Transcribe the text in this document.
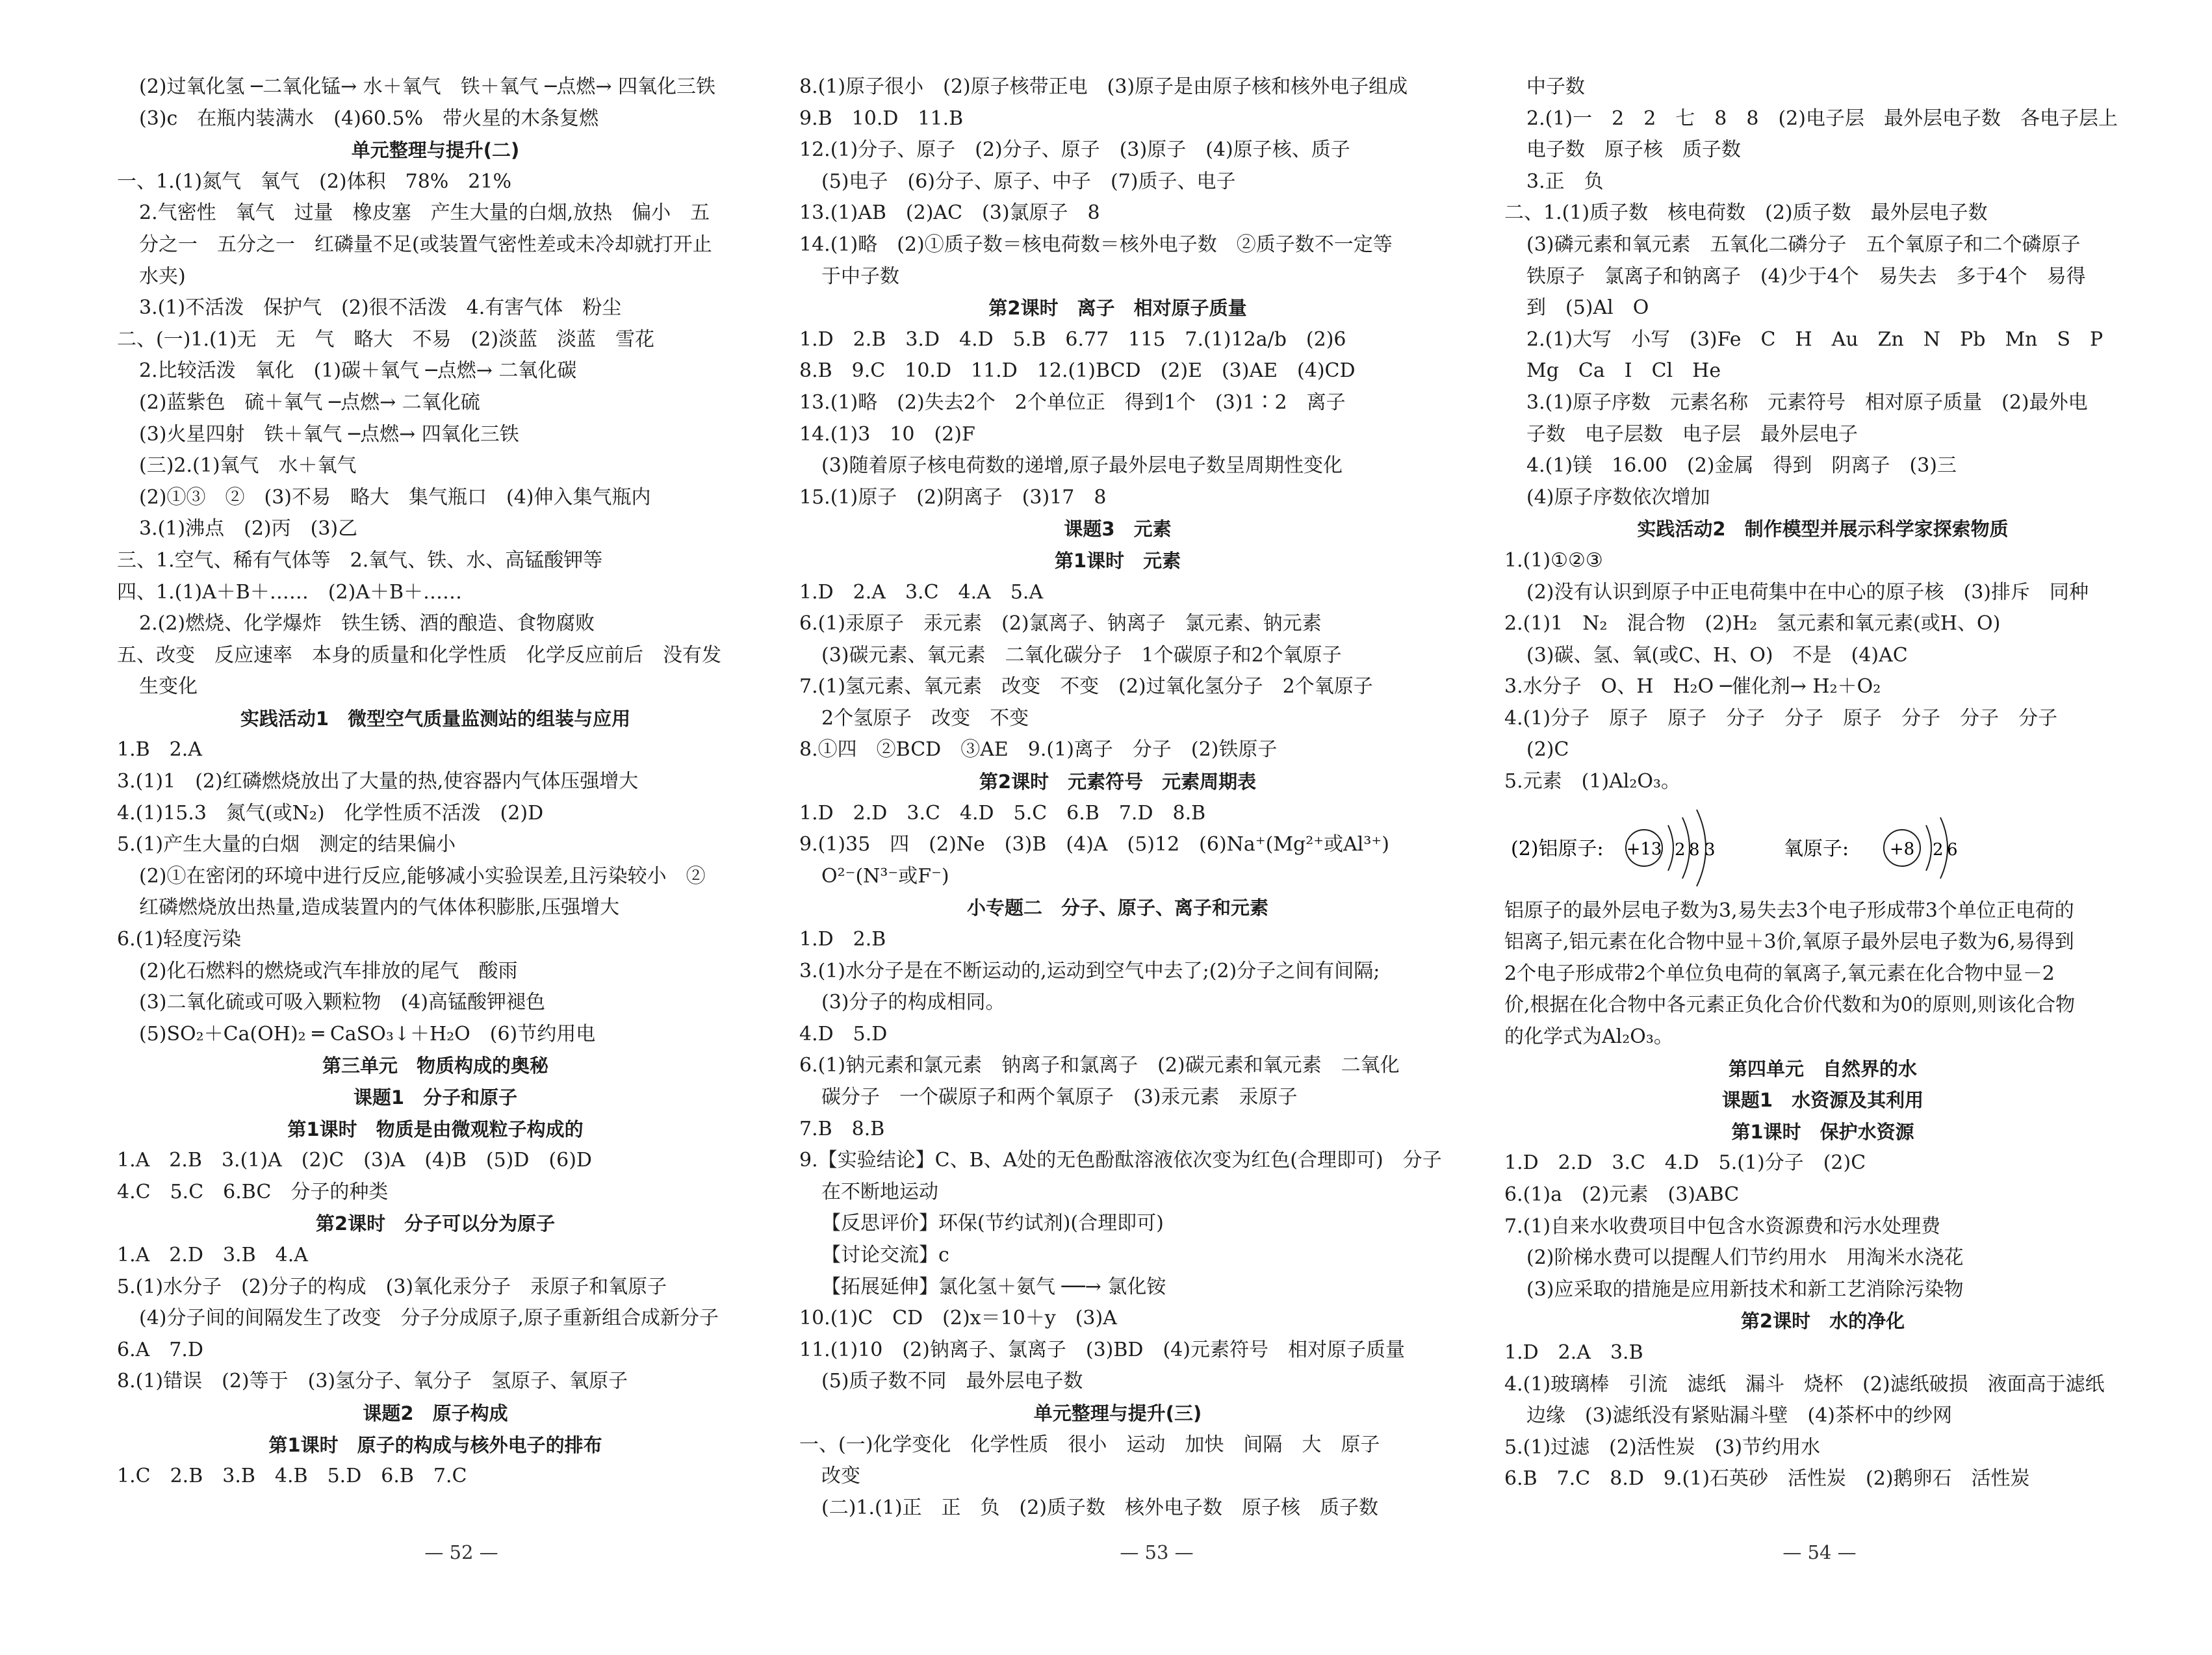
(2)过氧化氢 ─二氧化锰→ 水＋氧气　铁＋氧气 ─点燃→ 四氧化三铁
(3)c　在瓶内装满水　(4)60.5%　带火星的木条复燃
单元整理与提升(二)
一、1.(1)氮气　氧气　(2)体积　78%　21%
2.气密性　氧气　过量　橡皮塞　产生大量的白烟,放热　偏小　五
分之一　五分之一　红磷量不足(或装置气密性差或未冷却就打开止
水夹)
3.(1)不活泼　保护气　(2)很不活泼　4.有害气体　粉尘
二、(一)1.(1)无　无　气　略大　不易　(2)淡蓝　淡蓝　雪花
2.比较活泼　氧化　(1)碳＋氧气 ─点燃→ 二氧化碳
(2)蓝紫色　硫＋氧气 ─点燃→ 二氧化硫
(3)火星四射　铁＋氧气 ─点燃→ 四氧化三铁
(三)2.(1)氧气　水＋氧气
(2)①③　②　(3)不易　略大　集气瓶口　(4)伸入集气瓶内
3.(1)沸点　(2)丙　(3)乙
三、1.空气、稀有气体等　2.氧气、铁、水、高锰酸钾等
四、1.(1)A＋B＋……　(2)A＋B＋……
2.(2)燃烧、化学爆炸　铁生锈、酒的酿造、食物腐败
五、改变　反应速率　本身的质量和化学性质　化学反应前后　没有发
生变化
实践活动1　微型空气质量监测站的组装与应用
1.B　2.A
3.(1)1　(2)红磷燃烧放出了大量的热,使容器内气体压强增大
4.(1)15.3　氮气(或N₂)　化学性质不活泼　(2)D
5.(1)产生大量的白烟　测定的结果偏小
(2)①在密闭的环境中进行反应,能够减小实验误差,且污染较小　②
红磷燃烧放出热量,造成装置内的气体体积膨胀,压强增大
6.(1)轻度污染
(2)化石燃料的燃烧或汽车排放的尾气　酸雨
(3)二氧化硫或可吸入颗粒物　(4)高锰酸钾褪色
(5)SO₂＋Ca(OH)₂ ═ CaSO₃↓＋H₂O　(6)节约用电
第三单元　物质构成的奥秘
课题1　分子和原子
第1课时　物质是由微观粒子构成的
1.A　2.B　3.(1)A　(2)C　(3)A　(4)B　(5)D　(6)D
4.C　5.C　6.BC　分子的种类
第2课时　分子可以分为原子
1.A　2.D　3.B　4.A
5.(1)水分子　(2)分子的构成　(3)氧化汞分子　汞原子和氧原子
(4)分子间的间隔发生了改变　分子分成原子,原子重新组合成新分子
6.A　7.D
8.(1)错误　(2)等于　(3)氢分子、氧分子　氢原子、氧原子
课题2　原子构成
第1课时　原子的构成与核外电子的排布
1.C　2.B　3.B　4.B　5.D　6.B　7.C
8.(1)原子很小　(2)原子核带正电　(3)原子是由原子核和核外电子组成
9.B　10.D　11.B
12.(1)分子、原子　(2)分子、原子　(3)原子　(4)原子核、质子
(5)电子　(6)分子、原子、中子　(7)质子、电子
13.(1)AB　(2)AC　(3)氯原子　8
14.(1)略　(2)①质子数＝核电荷数＝核外电子数　②质子数不一定等
于中子数
第2课时　离子　相对原子质量
1.D　2.B　3.D　4.D　5.B　6.77　115　7.(1)12a/b　(2)6
8.B　9.C　10.D　11.D　12.(1)BCD　(2)E　(3)AE　(4)CD
13.(1)略　(2)失去2个　2个单位正　得到1个　(3)1∶2　离子
14.(1)3　10　(2)F
(3)随着原子核电荷数的递增,原子最外层电子数呈周期性变化
15.(1)原子　(2)阴离子　(3)17　8
课题3　元素
第1课时　元素
1.D　2.A　3.C　4.A　5.A
6.(1)汞原子　汞元素　(2)氯离子、钠离子　氯元素、钠元素
(3)碳元素、氧元素　二氧化碳分子　1个碳原子和2个氧原子
7.(1)氢元素、氧元素　改变　不变　(2)过氧化氢分子　2个氧原子
2个氢原子　改变　不变
8.①四　②BCD　③AE　9.(1)离子　分子　(2)铁原子
第2课时　元素符号　元素周期表
1.D　2.D　3.C　4.D　5.C　6.B　7.D　8.B
9.(1)35　四　(2)Ne　(3)B　(4)A　(5)12　(6)Na⁺(Mg²⁺或Al³⁺)
O²⁻(N³⁻或F⁻)
小专题二　分子、原子、离子和元素
1.D　2.B
3.(1)水分子是在不断运动的,运动到空气中去了;(2)分子之间有间隔;
(3)分子的构成相同。
4.D　5.D
6.(1)钠元素和氯元素　钠离子和氯离子　(2)碳元素和氧元素　二氧化
碳分子　一个碳原子和两个氧原子　(3)汞元素　汞原子
7.B　8.B
9.【实验结论】C、B、A处的无色酚酞溶液依次变为红色(合理即可)　分子
在不断地运动
【反思评价】环保(节约试剂)(合理即可)
【讨论交流】c
【拓展延伸】氯化氢＋氨气 ──→ 氯化铵
10.(1)C　CD　(2)x＝10＋y　(3)A
11.(1)10　(2)钠离子、氯离子　(3)BD　(4)元素符号　相对原子质量
(5)质子数不同　最外层电子数
单元整理与提升(三)
一、(一)化学变化　化学性质　很小　运动　加快　间隔　大　原子
改变
(二)1.(1)正　正　负　(2)质子数　核外电子数　原子核　质子数
中子数
2.(1)一　2　2　七　8　8　(2)电子层　最外层电子数　各电子层上
电子数　原子核　质子数
3.正　负
二、1.(1)质子数　核电荷数　(2)质子数　最外层电子数
(3)磷元素和氧元素　五氧化二磷分子　五个氧原子和二个磷原子
铁原子　氯离子和钠离子　(4)少于4个　易失去　多于4个　易得
到　(5)Al　O
2.(1)大写　小写　(3)Fe　C　H　Au　Zn　N　Pb　Mn　S　P
Mg　Ca　I　Cl　He
3.(1)原子序数　元素名称　元素符号　相对原子质量　(2)最外电
子数　电子层数　电子层　最外层电子
4.(1)镁　16.00　(2)金属　得到　阴离子　(3)三
(4)原子序数依次增加
实践活动2　制作模型并展示科学家探索物质
1.(1)①②③
(2)没有认识到原子中正电荷集中在中心的原子核　(3)排斥　同种
2.(1)1　N₂　混合物　(2)H₂　氢元素和氧元素(或H、O)
(3)碳、氢、氧(或C、H、O)　不是　(4)AC
3.水分子　O、H　H₂O ─催化剂→ H₂＋O₂
4.(1)分子　原子　原子　分子　分子　原子　分子　分子　分子
(2)C
5.元素　(1)Al₂O₃。
(2)铝原子: +13 2 8 3	氧原子: +8 2 6
铝原子的最外层电子数为3,易失去3个电子形成带3个单位正电荷的
铝离子,铝元素在化合物中显＋3价,氧原子最外层电子数为6,易得到
2个电子形成带2个单位负电荷的氧离子,氧元素在化合物中显－2
价,根据在化合物中各元素正负化合价代数和为0的原则,则该化合物
的化学式为Al₂O₃。
第四单元　自然界的水
课题1　水资源及其利用
第1课时　保护水资源
1.D　2.D　3.C　4.D　5.(1)分子　(2)C
6.(1)a　(2)元素　(3)ABC
7.(1)自来水收费项目中包含水资源费和污水处理费
(2)阶梯水费可以提醒人们节约用水　用淘米水浇花
(3)应采取的措施是应用新技术和新工艺消除污染物
第2课时　水的净化
1.D　2.A　3.B
4.(1)玻璃棒　引流　滤纸　漏斗　烧杯　(2)滤纸破损　液面高于滤纸
边缘　(3)滤纸没有紧贴漏斗壁　(4)茶杯中的纱网
5.(1)过滤　(2)活性炭　(3)节约用水
6.B　7.C　8.D　9.(1)石英砂　活性炭　(2)鹅卵石　活性炭
— 52 —	— 53 —	— 54 —
